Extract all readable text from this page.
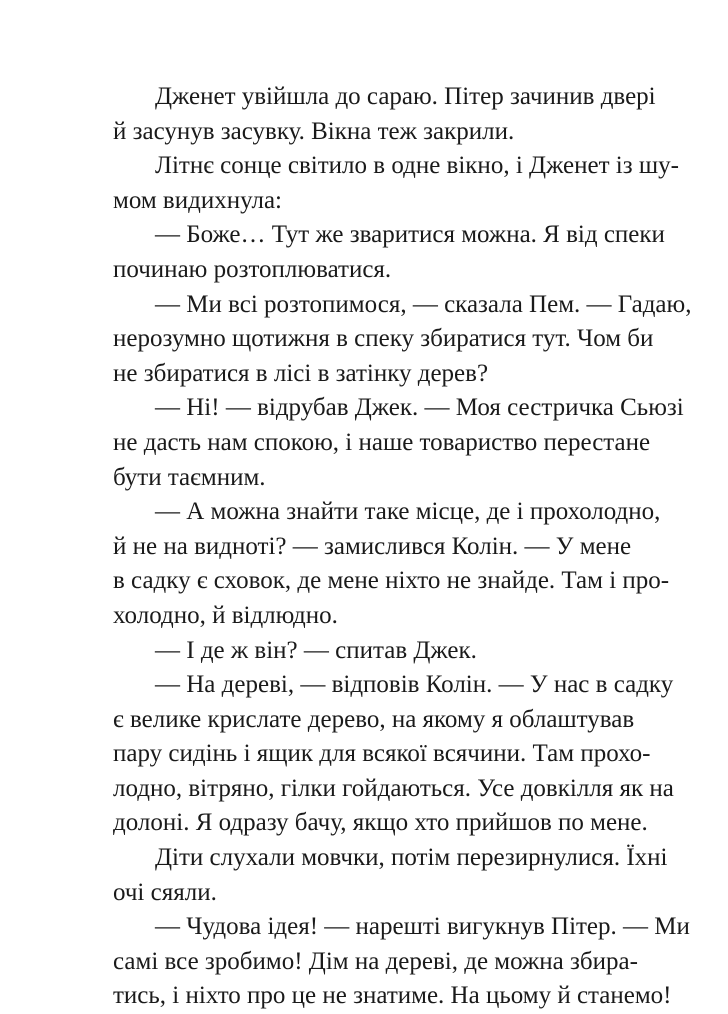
Дженет увійшла до сараю. Пітер зачинив двері
й засунув засувку. Вікна теж закрили.
Літнє сонце світило в одне вікно, і Дженет із шу-
мом видихнула:
— Боже… Тут же зваритися можна. Я від спеки
починаю розтоплюватися.
— Ми всі розтопимося, — сказала Пем. — Гадаю,
нерозумно щотижня в спеку збиратися тут. Чом би
не збиратися в лісі в затінку дерев?
— Ні! — відрубав Джек. — Моя сестричка Сьюзі
не дасть нам спокою, і наше товариство перестане
бути таємним.
— А можна знайти таке місце, де і прохолодно,
й не на видноті? — замислився Колін. — У мене
в садку є сховок, де мене ніхто не знайде. Там і про-
холодно, й відлюдно.
— І де ж він? — спитав Джек.
— На дереві, — відповів Колін. — У нас в садку
є велике крислате дерево, на якому я облаштував
пару сидінь і ящик для всякої всячини. Там прохо-
лодно, вітряно, гілки гойдаються. Усе довкілля як на
долоні. Я одразу бачу, якщо хто прийшов по мене.
Діти слухали мовчки, потім перезирнулися. Їхні
очі сяяли.
— Чудова ідея! — нарешті вигукнув Пітер. — Ми
самі все зробимо! Дім на дереві, де можна збира-
тись, і ніхто про це не знатиме. На цьому й станемо!
